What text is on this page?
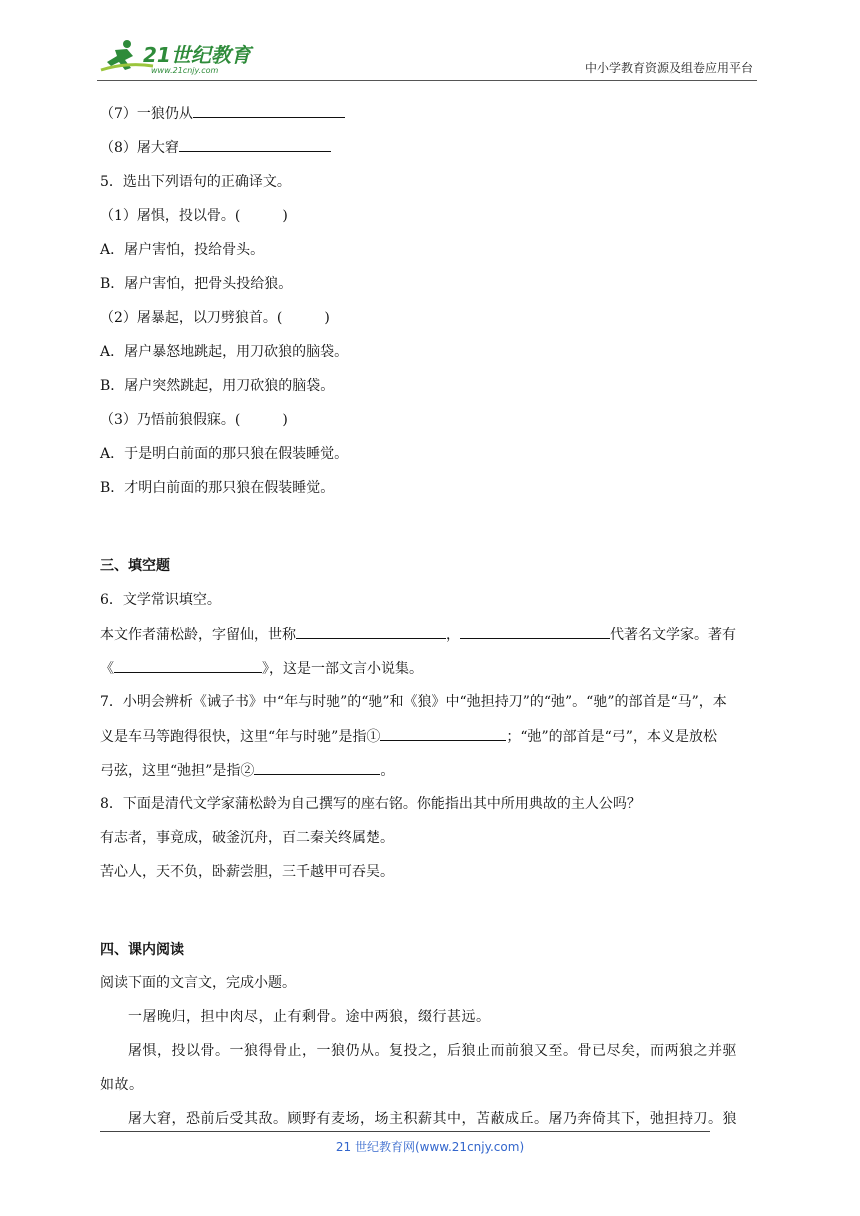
21世纪教育
www.21cnjy.com	中小学教育资源及组卷应用平台
（7）一狼仍从
（8）屠大窘
5．选出下列语句的正确译文。
（1）屠惧，投以骨。(　　　)
A．屠户害怕，投给骨头。
B．屠户害怕，把骨头投给狼。
（2）屠暴起，以刀劈狼首。(　　　)
A．屠户暴怒地跳起，用刀砍狼的脑袋。
B．屠户突然跳起，用刀砍狼的脑袋。
（3）乃悟前狼假寐。(　　　)
A．于是明白前面的那只狼在假装睡觉。
B．才明白前面的那只狼在假装睡觉。
三、填空题
6．文学常识填空。
本文作者蒲松龄，字留仙，世称	，	代著名文学家。著有
《	》，这是一部文言小说集。
7．小明会辨析《诫子书》中“年与时驰”的“驰”和《狼》中“弛担持刀”的“弛”。“驰”的部首是“马”，本
义是车马等跑得很快，这里“年与时驰”是指①	；“弛”的部首是“弓”，本义是放松
弓弦，这里“弛担”是指②	。
8．下面是清代文学家蒲松龄为自己撰写的座右铭。你能指出其中所用典故的主人公吗？
有志者，事竟成，破釜沉舟，百二秦关终属楚。
苦心人，天不负，卧薪尝胆，三千越甲可吞吴。
四、课内阅读
阅读下面的文言文，完成小题。
一屠晚归，担中肉尽，止有剩骨。途中两狼，缀行甚远。
屠惧，投以骨。一狼得骨止，一狼仍从。复投之，后狼止而前狼又至。骨已尽矣，而两狼之并驱
如故。
屠大窘，恐前后受其敌。顾野有麦场，场主积薪其中，苫蔽成丘。屠乃奔倚其下，弛担持刀。狼
21 世纪教育网(www.21cnjy.com)
